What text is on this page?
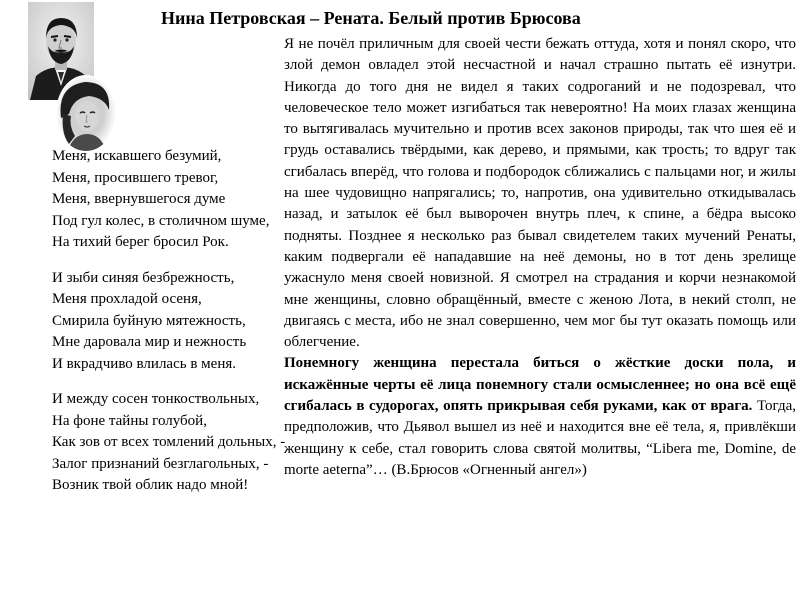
Нина Петровская – Рената. Белый против Брюсова
Меня, искавшего безумий,
Меня, просившего тревог,
Меня, ввернувшегося думе
Под гул колес, в столичном шуме,
На тихий берег бросил Рок.
И зыби синяя безбрежность,
Меня прохладой осеня,
Смирила буйную мятежность,
Мне даровала мир и нежность
И вкрадчиво влилась в меня.
И между сосен тонкоствольных,
На фоне тайны голубой,
Как зов от всех томлений дольных, -
Залог признаний безглагольных, -
Возник твой облик надо мной!

Я не почёл приличным для своей чести бежать оттуда, хотя и понял скоро, что злой демон овладел этой несчастной и начал страшно пытать её изнутри. Никогда до того дня не видел я таких содроганий и не подозревал, что человеческое тело может изгибаться так невероятно! На моих глазах женщина то вытягивалась мучительно и против всех законов природы, так что шея её и грудь оставались твёрдыми, как дерево, и прямыми, как трость; то вдруг так сгибалась вперёд, что голова и подбородок сближались с пальцами ног, и жилы на шее чудовищно напрягались; то, напротив, она удивительно откидывалась назад, и затылок её был выворочен внутрь плеч, к спине, а бёдра высоко подняты. Позднее я несколько раз бывал свидетелем таких мучений Ренаты, каким подвергали её нападавшие на неё демоны, но в тот день зрелище ужаснуло меня своей новизной. Я смотрел на страдания и корчи незнакомой мне женщины, словно обращённый, вместе с женою Лота, в некий столп, не двигаясь с места, ибо не знал совершенно, чем мог бы тут оказать помощь или облегчение.

Понемногу женщина перестала биться о жёсткие доски пола, и искажённые черты её лица понемногу стали осмысленнее; но она всё ещё сгибалась в судорогах, опять прикрывая себя руками, как от врага. Тогда, предположив, что Дьявол вышел из неё и находится вне её тела, я, привлёкши женщину к себе, стал говорить слова святой молитвы, “Libera me, Domine, de morte aeterna”… (В.Брюсов «Огненный ангел»)
